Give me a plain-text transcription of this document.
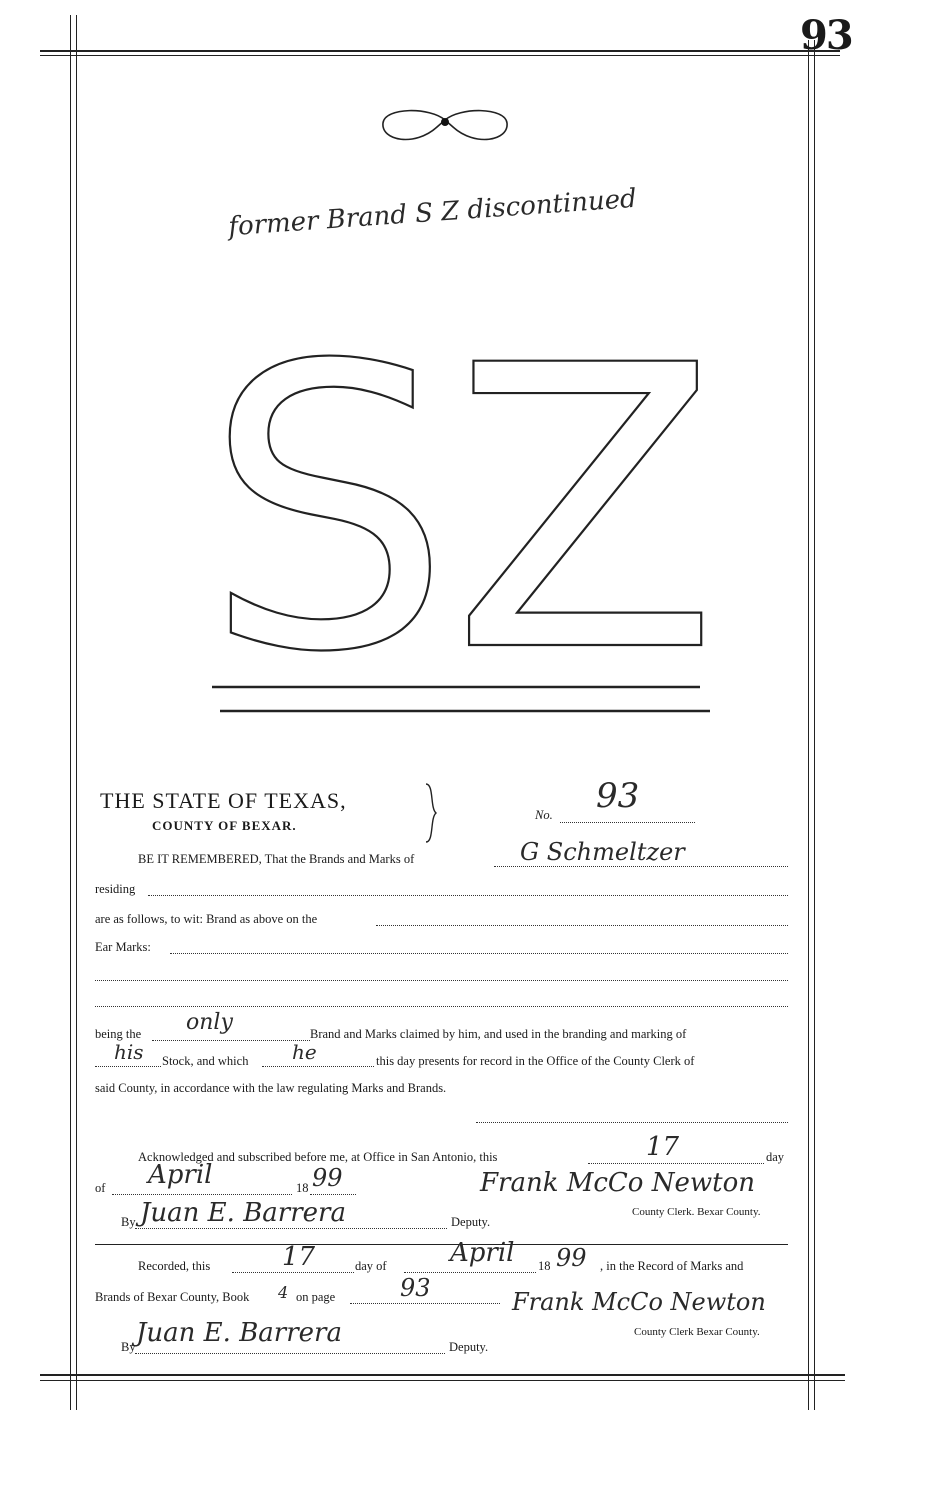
93
former Brand S Z discontinued
SZ
THE STATE OF TEXAS,
COUNTY OF BEXAR.
No. 93
BE IT REMEMBERED, That the Brands and Marks of	G Schmeltzer
residing
are as follows, to wit: Brand as above on the
Ear Marks:
being the only	Brand and Marks claimed by him, and used in the branding and marking of
his Stock, and which he	this day presents for record in the Office of the County Clerk of
said County, in accordance with the law regulating Marks and Brands.
Acknowledged and subscribed before me, at Office in San Antonio, this	17	day
of April	18 99	Frank McCo Newton
County Clerk. Bexar County.
By Juan E. Barrera	Deputy.
Recorded, this	17	day of April 18 99 , in the Record of Marks and
Brands of Bexar County, Book 4 on page	93	Frank McCo Newton
County Clerk Bexar County.
By Juan E. Barrera	Deputy.
